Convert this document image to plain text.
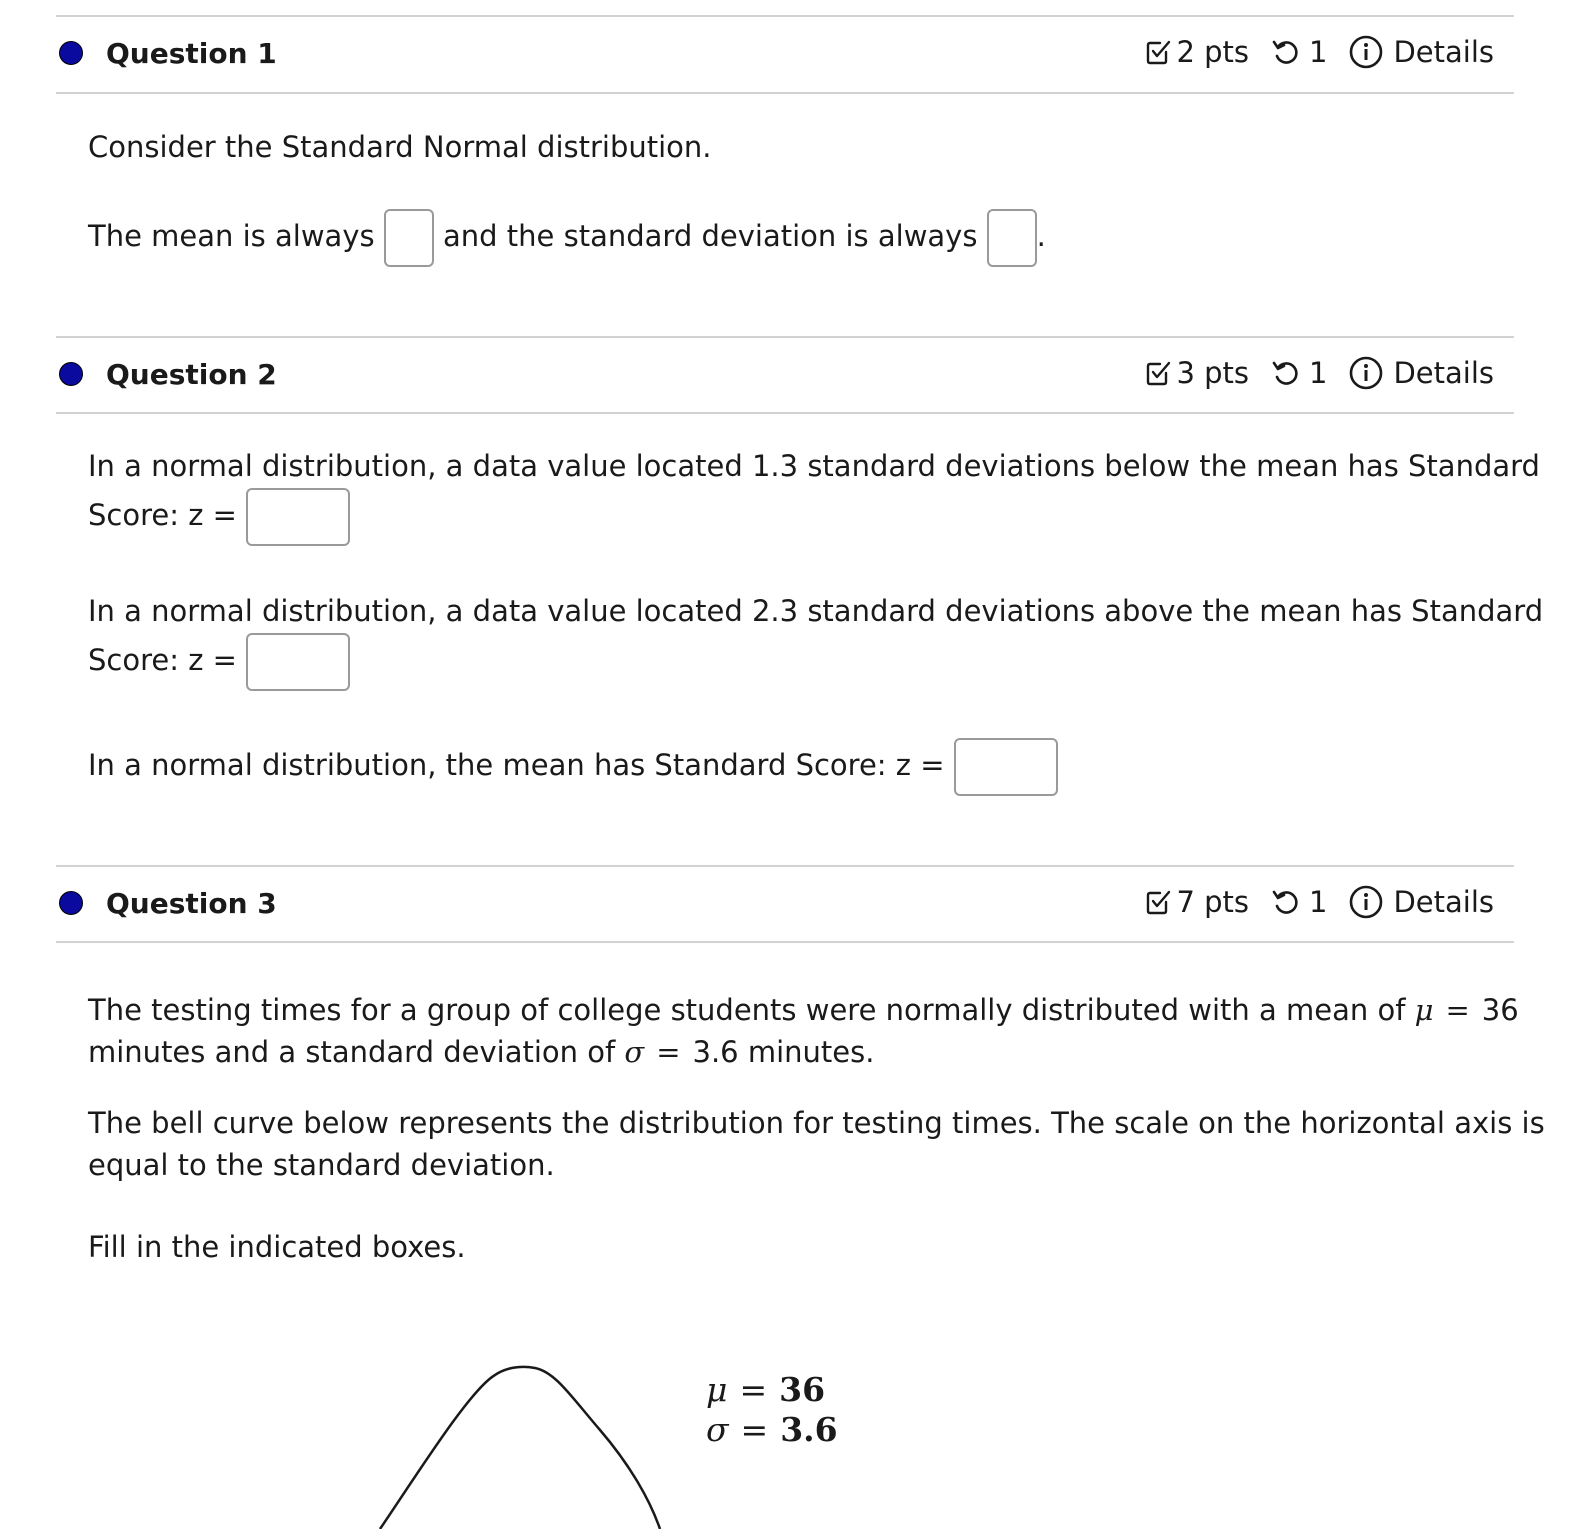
Question 1	2 pts 1 Details
Consider the Standard Normal distribution.
The mean is always and the standard deviation is always .
Question 2	3 pts 1 Details
In a normal distribution, a data value located 1.3 standard deviations below the mean has Standard
Score: z =
In a normal distribution, a data value located 2.3 standard deviations above the mean has Standard
Score: z =
In a normal distribution, the mean has Standard Score: z =
Question 3	7 pts 1 Details
The testing times for a group of college students were normally distributed with a mean of μ = 36
minutes and a standard deviation of σ = 3.6 minutes.
The bell curve below represents the distribution for testing times. The scale on the horizontal axis is
equal to the standard deviation.
Fill in the indicated boxes.
μ = 36
σ = 3.6
